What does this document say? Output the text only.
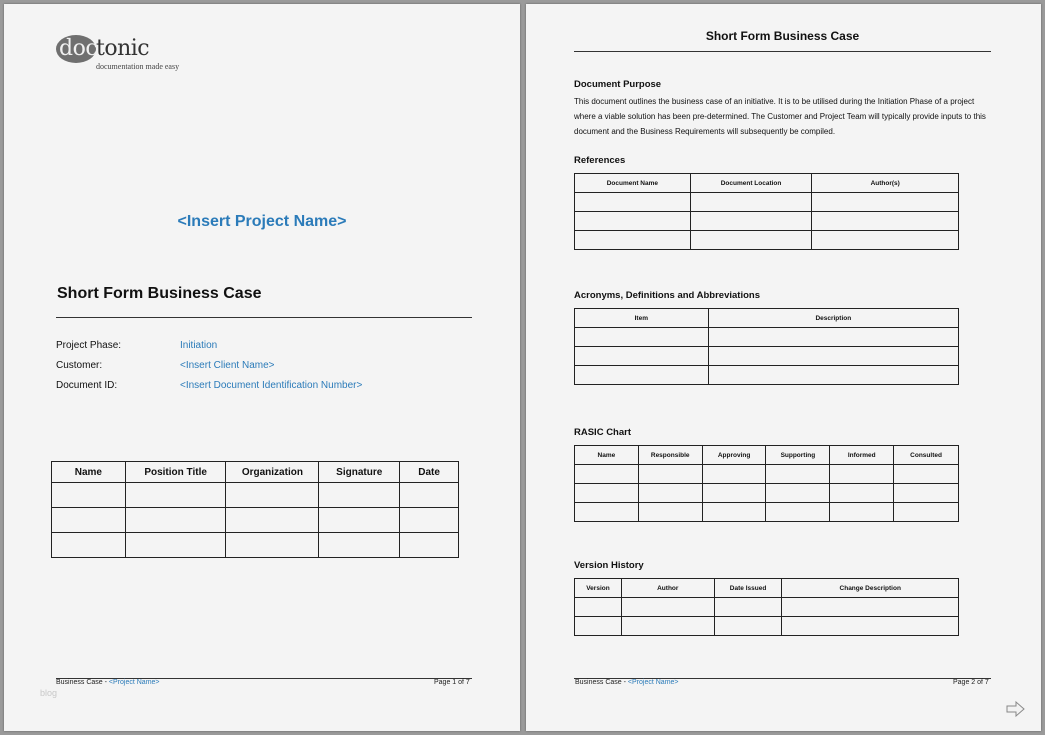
doc
tonic
documentation made easy
<Insert Project Name>
Short Form Business Case
Project Phase:	Initiation
Customer:	<Insert Client Name>
Document ID:	<Insert Document Identification Number>
Name	Position Title	Organization	Signature	Date

Business Case - <Project Name>	Page 1 of 7
blog
Short Form Business Case
Document Purpose
This document outlines the business case of an initiative. It is to be utilised during the Initiation Phase of a project where a viable solution has been pre-determined. The Customer and Project Team will typically provide inputs to this document and the Business Requirements will subsequently be compiled.
References
Document Name	Document Location	Author(s)

Acronyms, Definitions and Abbreviations
Item	Description

RASIC Chart
Name	Responsible	Approving	Supporting	Informed	Consulted

Version History
Version	Author	Date Issued	Change Description

Business Case - <Project Name>	Page 2 of 7
